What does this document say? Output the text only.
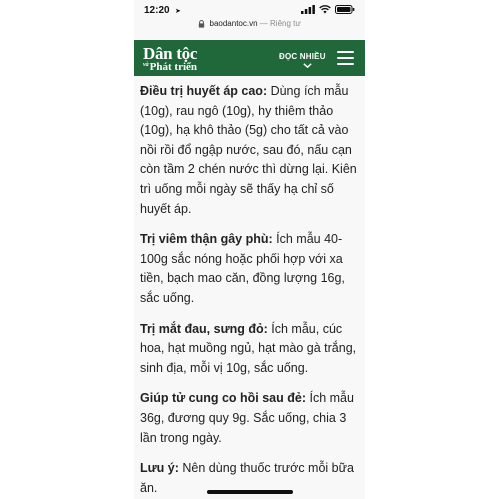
12:20 ➤
baodantoc.vn — Riêng tư
Dân tộc
$^{và}$Phát triển
ĐỌC NHIỀU

Điều trị huyết áp cao: Dùng ích mẫu (10g), rau ngô (10g), hy thiêm thảo (10g), hạ khô thảo (5g) cho tất cả vào nồi rồi đổ ngập nước, sau đó, nấu cạn còn tầm 2 chén nước thì dừng lại. Kiên trì uống mỗi ngày sẽ thấy hạ chỉ số huyết áp.

Trị viêm thận gây phù: Ích mẫu 40-100g sắc nóng hoặc phối hợp với xa tiền, bạch mao căn, đồng lượng 16g, sắc uống.

Trị mắt đau, sưng đỏ: Ích mẫu, cúc hoa, hạt muồng ngủ, hạt mào gà trắng, sinh địa, mỗi vị 10g, sắc uống.

Giúp tử cung co hồi sau đẻ: Ích mẫu 36g, đương quy 9g. Sắc uống, chia 3 lần trong ngày.

Lưu ý: Nên dùng thuốc trước mỗi bữa ăn.
